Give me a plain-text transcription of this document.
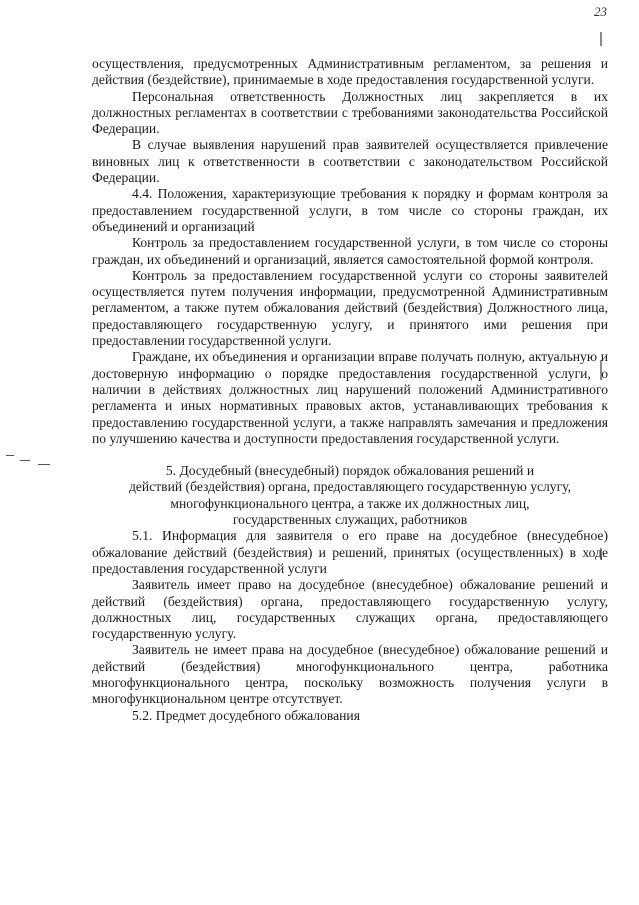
23

осуществления, предусмотренных Административным регламентом, за решения и действия (бездействие), принимаемые в ходе предоставления государственной услуги.

Персональная ответственность Должностных лиц закрепляется в их должностных регламентах в соответствии с требованиями законодательства Российской Федерации.

В случае выявления нарушений прав заявителей осуществляется привлечение виновных лиц к ответственности в соответствии с законодательством Российской Федерации.

4.4. Положения, характеризующие требования к порядку и формам контроля за предоставлением государственной услуги, в том числе со стороны граждан, их объединений и организаций

Контроль за предоставлением государственной услуги, в том числе со стороны граждан, их объединений и организаций, является самостоятельной формой контроля.

Контроль за предоставлением государственной услуги со стороны заявителей осуществляется путем получения информации, предусмотренной Административным регламентом, а также путем обжалования действий (бездействия) Должностного лица, предоставляющего государственную услугу, и принятого ими решения при предоставлении государственной услуги.

Граждане, их объединения и организации вправе получать полную, актуальную и достоверную информацию о порядке предоставления государственной услуги, о наличии в действиях должностных лиц нарушений положений Административного регламента и иных нормативных правовых актов, устанавливающих требования к предоставлению государственной услуги, а также направлять замечания и предложения по улучшению качества и доступности предоставления государственной услуги.

5. Досудебный (внесудебный) порядок обжалования решений и
действий (бездействия) органа, предоставляющего государственную услугу,
многофункционального центра, а также их должностных лиц,
государственных служащих, работников

5.1. Информация для заявителя о его праве на досудебное (внесудебное) обжалование действий (бездействия) и решений, принятых (осуществленных) в ходе предоставления государственной услуги

Заявитель имеет право на досудебное (внесудебное) обжалование решений и действий (бездействия) органа, предоставляющего государственную услугу, должностных лиц, государственных служащих органа, предоставляющего государственную услугу.

Заявитель не имеет права на досудебное (внесудебное) обжалование решений и действий (бездействия) многофункционального центра, работника многофункционального центра, поскольку возможность получения услуги в многофункциональном центре отсутствует.

5.2. Предмет досудебного обжалования
